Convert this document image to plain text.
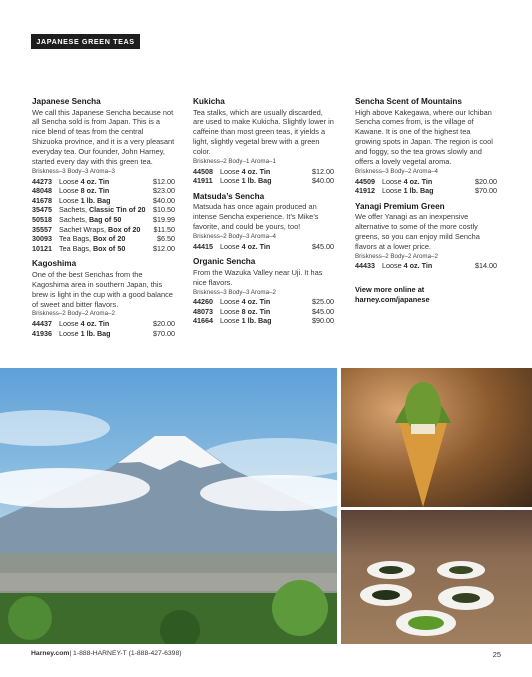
JAPANESE GREEN TEAS
Japanese Sencha
We call this Japanese Sencha because not all Sencha sold is from Japan. This is a nice blend of teas from the central Shizuoka province, and it is a very pleasant everyday tea. Our founder, John Harney, started every day with this green tea.
Briskness–3 Body–3 Aroma–3
44273 Loose 4 oz. Tin	$12.00
48048 Loose 8 oz. Tin	$23.00
41678 Loose 1 lb. Bag	$40.00
35475 Sachets, Classic Tin of 20	$10.50
50518 Sachets, Bag of 50	$19.99
35557 Sachet Wraps, Box of 20	$11.50
30093 Tea Bags, Box of 20	$6.50
10121 Tea Bags, Box of 50	$12.00
Kagoshima
One of the best Senchas from the Kagoshima area in southern Japan, this brew is light in the cup with a good balance of sweet and bitter flavors.
Briskness–2 Body–2 Aroma–2
44437 Loose 4 oz. Tin	$20.00
41936 Loose 1 lb. Bag	$70.00
Kukicha
Tea stalks, which are usually discarded, are used to make Kukicha. Slightly lower in caffeine than most green teas, it yields a light, slightly vegetal brew with a green color.
Briskness–2 Body–1 Aroma–1
44508 Loose 4 oz. Tin	$12.00
41911	Loose 1 lb. Bag	$40.00
Matsuda’s Sencha
Matsuda has once again produced an intense Sencha experience. It’s Mike’s favorite, and could be yours, too!
Briskness–2 Body–3 Aroma–4
44415 Loose 4 oz. Tin	$45.00
Organic Sencha
From the Wazuka Valley near Uji. It has nice flavors.
Briskness–3 Body–3 Aroma–2
44260 Loose 4 oz. Tin	$25.00
48073 Loose 8 oz. Tin	$45.00
41664 Loose 1 lb. Bag	$90.00
Sencha Scent of Mountains
High above Kakegawa, where our Ichiban Sencha comes from, is the village of Kawane. It is one of the highest tea growing spots in Japan. The region is cool and foggy, so the tea grows slowly and offers a lovely vegetal aroma.
Briskness–3 Body–2 Aroma–4
44509 Loose 4 oz. Tin	$20.00
41912 Loose 1 lb. Bag	$70.00
Yanagi Premium Green
We offer Yanagi as an inexpensive alternative to some of the more costly greens, so you can enjoy mild Sencha flavors at a lower price.
Briskness–2 Body–2 Aroma–2
44433 Loose 4 oz. Tin	$14.00
View more online at harney.com/japanese
Harney.com | 1-888-HARNEY-T (1-888-427-6398)	25
